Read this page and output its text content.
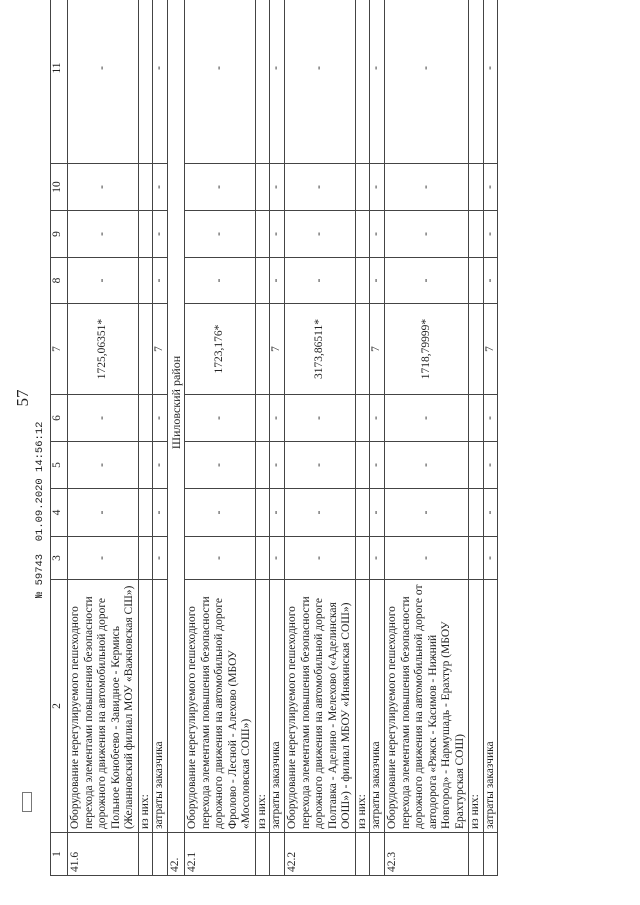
57
1	2	3	4	5	6	7	8	9	10	11
41.6	Оборудование нерегулируемого пешеходного перехода элементами повышения безопасности дорожного движения на автомобильной дороге Польное Конобеево - Завидное - Кермись (Желанновский филиал МОУ «Важновская СШ»)	-	-	-	-	1725,06351*	-	-	-	-
	из них:									
	затраты заказчика	-	-	-	-	7	-	-	-	-
42.	Шиловский район									
42.1	Оборудование нерегулируемого пешеходного перехода элементами повышения безопасности дорожного движения на автомобильной дороге Фролово - Лесной - Алехово (МБОУ «Мосоловская СОШ»)	-	-	-	-	1723,176*	-	-	-	-
	из них:									
	затраты заказчика	-	-	-	-	7	-	-	-	-
42.2	Оборудование нерегулируемого пешеходного перехода элементами повышения безопасности дорожного движения на автомобильной дороге Полтавка - Аделино - Мелехово («Аделинская ООШ») - филиал МБОУ «Инякинская СОШ»)	-	-	-	-	3173,86511*	-	-	-	-
	из них:									
	затраты заказчика	-	-	-	-	7	-	-	-	-
42.3	Оборудование нерегулируемого пешеходного перехода элементами повышения безопасности дорожного движения на автомобильной дороге от автодорога «Ряжск - Касимов - Нижний Новгород» - Нармушадь - Ерахтур (МБОУ Ерахтурская СОШ)	-	-	-	-	1718,79999*	-	-	-	-
	из них:									
	затраты заказчика	-	-	-	-	7	-	-	-	-
№ 59743  01.09.2020 14:56:12
